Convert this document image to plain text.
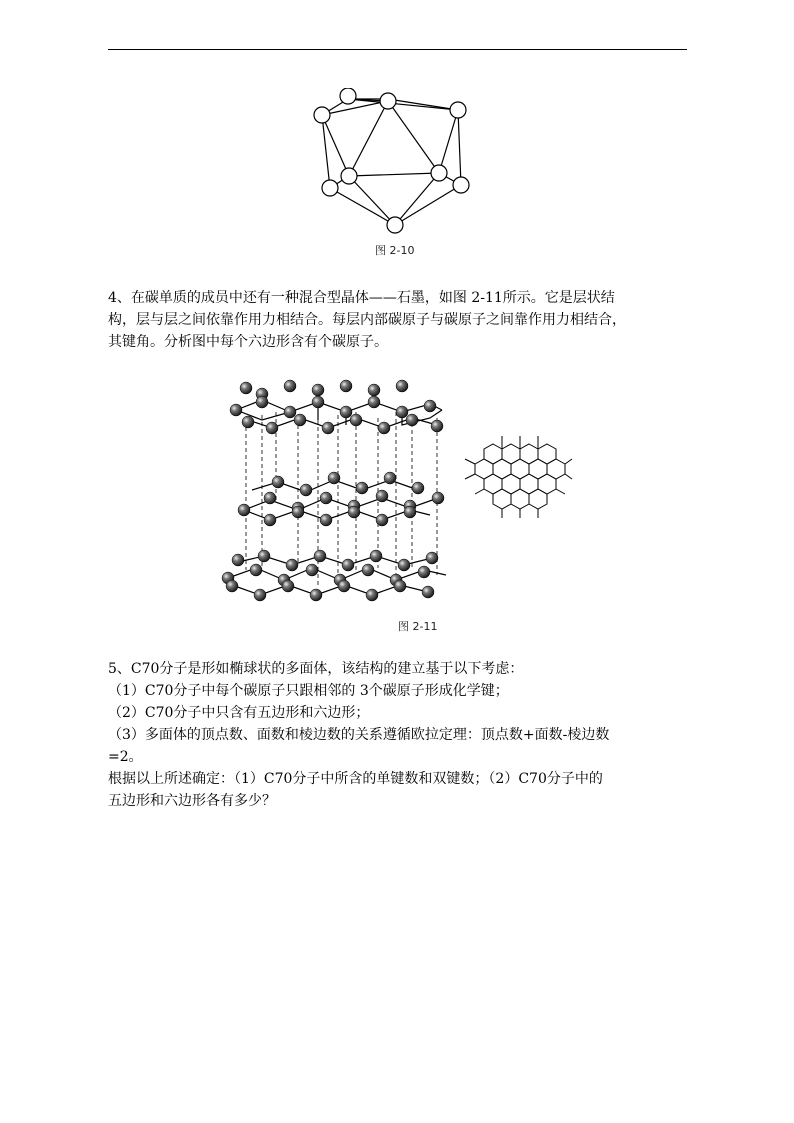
图 2-10

4、在碳单质的成员中还有一种混合型晶体——石墨，如图 2-11所示。它是层状结

构，层与层之间依靠作用力相结合。每层内部碳原子与碳原子之间靠作用力相结合，

其键角。分析图中每个六边形含有个碳原子。

图 2-11

5、C70分子是形如椭球状的多面体，该结构的建立基于以下考虑：

（1）C70分子中每个碳原子只跟相邻的 3个碳原子形成化学键；

（2）C70分子中只含有五边形和六边形；

（3）多面体的顶点数、面数和棱边数的关系遵循欧拉定理：顶点数+面数-棱边数

=2。

根据以上所述确定：（1）C70分子中所含的单键数和双键数；（2）C70分子中的

五边形和六边形各有多少？
